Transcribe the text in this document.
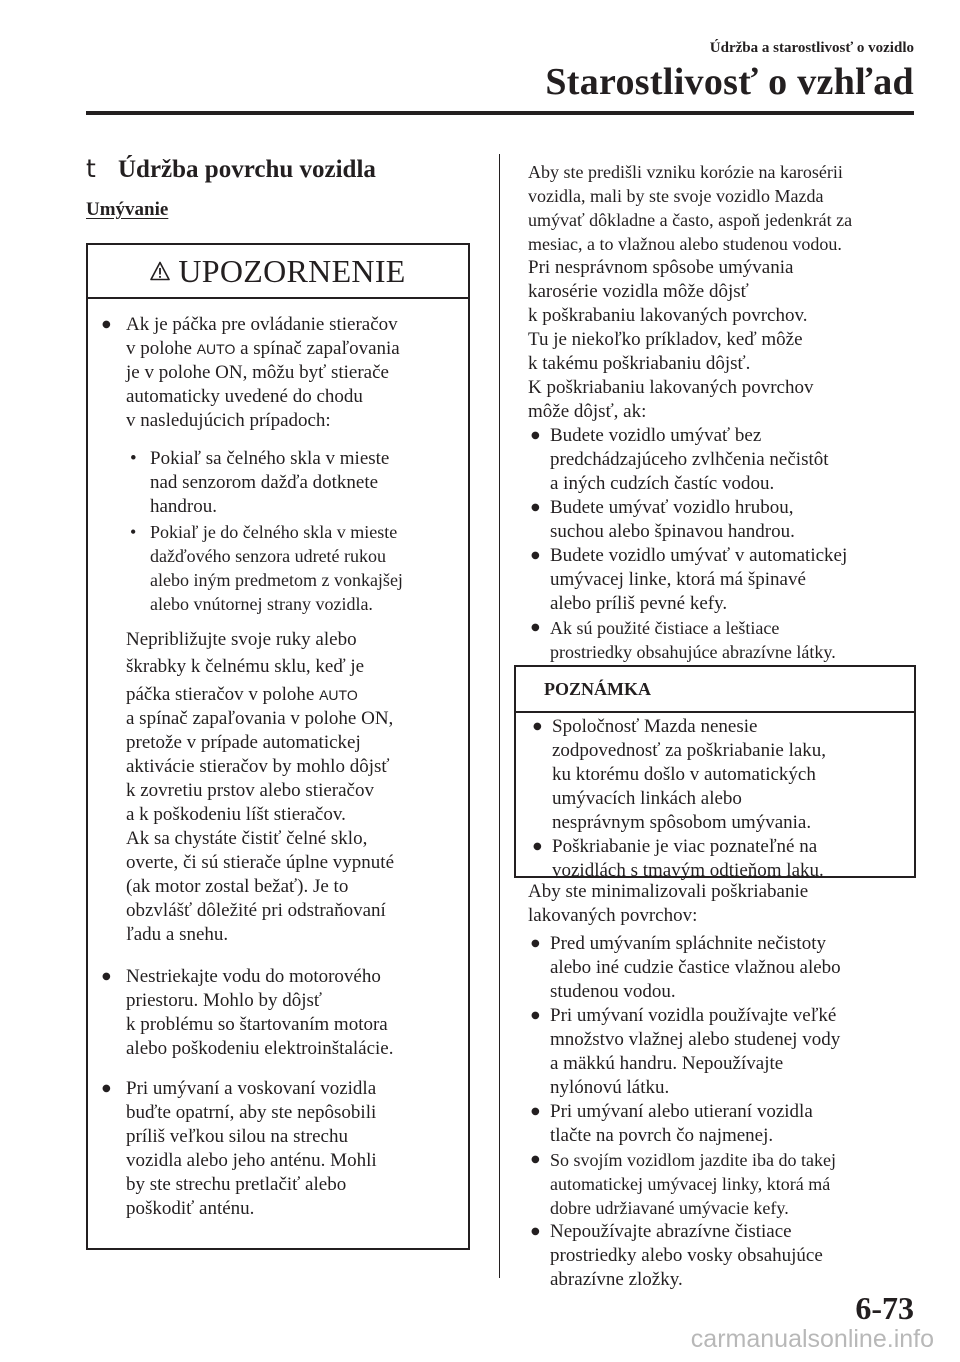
Údržba a starostlivosť o vozidlo
Starostlivosť o vzhľad
t Údržba povrchu vozidla
Umývanie
UPOZORNENIE
● Ak je páčka pre ovládanie stieračov
v polohe AUTO a spínač zapaľovania
je v polohe ON, môžu byť stierače
automaticky uvedené do chodu
v nasledujúcich prípadoch:
• Pokiaľ sa čelného skla v mieste
nad senzorom dažďa dotknete
handrou.
• Pokiaľ je do čelného skla v mieste
dažďového senzora udreté rukou
alebo iným predmetom z vonkajšej
alebo vnútornej strany vozidla.
Nepribližujte svoje ruky alebo
škrabky k čelnému sklu, keď je
páčka stieračov v polohe AUTO
a spínač zapaľovania v polohe ON,
pretože v prípade automatickej
aktivácie stieračov by mohlo dôjsť
k zovretiu prstov alebo stieračov
a k poškodeniu líšt stieračov.
Ak sa chystáte čistiť čelné sklo,
overte, či sú stierače úplne vypnuté
(ak motor zostal bežať). Je to
obzvlášť dôležité pri odstraňovaní
ľadu a snehu.
● Nestriekajte vodu do motorového
priestoru. Mohlo by dôjsť
k problému so štartovaním motora
alebo poškodeniu elektroinštalácie.
● Pri umývaní a voskovaní vozidla
buďte opatrní, aby ste nepôsobili
príliš veľkou silou na strechu
vozidla alebo jeho anténu. Mohli
by ste strechu pretlačiť alebo
poškodiť anténu.
Aby ste predišli vzniku korózie na karosérii
vozidla, mali by ste svoje vozidlo Mazda
umývať dôkladne a často, aspoň jedenkrát za
mesiac, a to vlažnou alebo studenou vodou.
Pri nesprávnom spôsobe umývania
karosérie vozidla môže dôjsť
k poškrabaniu lakovaných povrchov.
Tu je niekoľko príkladov, keď môže
k takému poškriabaniu dôjsť.
K poškriabaniu lakovaných povrchov
môže dôjsť, ak:
● Budete vozidlo umývať bez
predchádzajúceho zvlhčenia nečistôt
a iných cudzích častíc vodou.
● Budete umývať vozidlo hrubou,
suchou alebo špinavou handrou.
● Budete vozidlo umývať v automatickej
umývacej linke, ktorá má špinavé
alebo príliš pevné kefy.
● Ak sú použité čistiace a leštiace
prostriedky obsahujúce abrazívne látky.
POZNÁMKA
● Spoločnosť Mazda nenesie
zodpovednosť za poškriabanie laku,
ku ktorému došlo v automatických
umývacích linkách alebo
nesprávnym spôsobom umývania.
● Poškriabanie je viac poznateľné na
vozidlách s tmavým odtieňom laku.
Aby ste minimalizovali poškriabanie
lakovaných povrchov:
● Pred umývaním spláchnite nečistoty
alebo iné cudzie častice vlažnou alebo
studenou vodou.
● Pri umývaní vozidla používajte veľké
množstvo vlažnej alebo studenej vody
a mäkkú handru. Nepoužívajte
nylónovú látku.
● Pri umývaní alebo utieraní vozidla
tlačte na povrch čo najmenej.
● So svojím vozidlom jazdite iba do takej
automatickej umývacej linky, ktorá má
dobre udržiavané umývacie kefy.
● Nepoužívajte abrazívne čistiace
prostriedky alebo vosky obsahujúce
abrazívne zložky.
6-73
carmanualsonline.info
